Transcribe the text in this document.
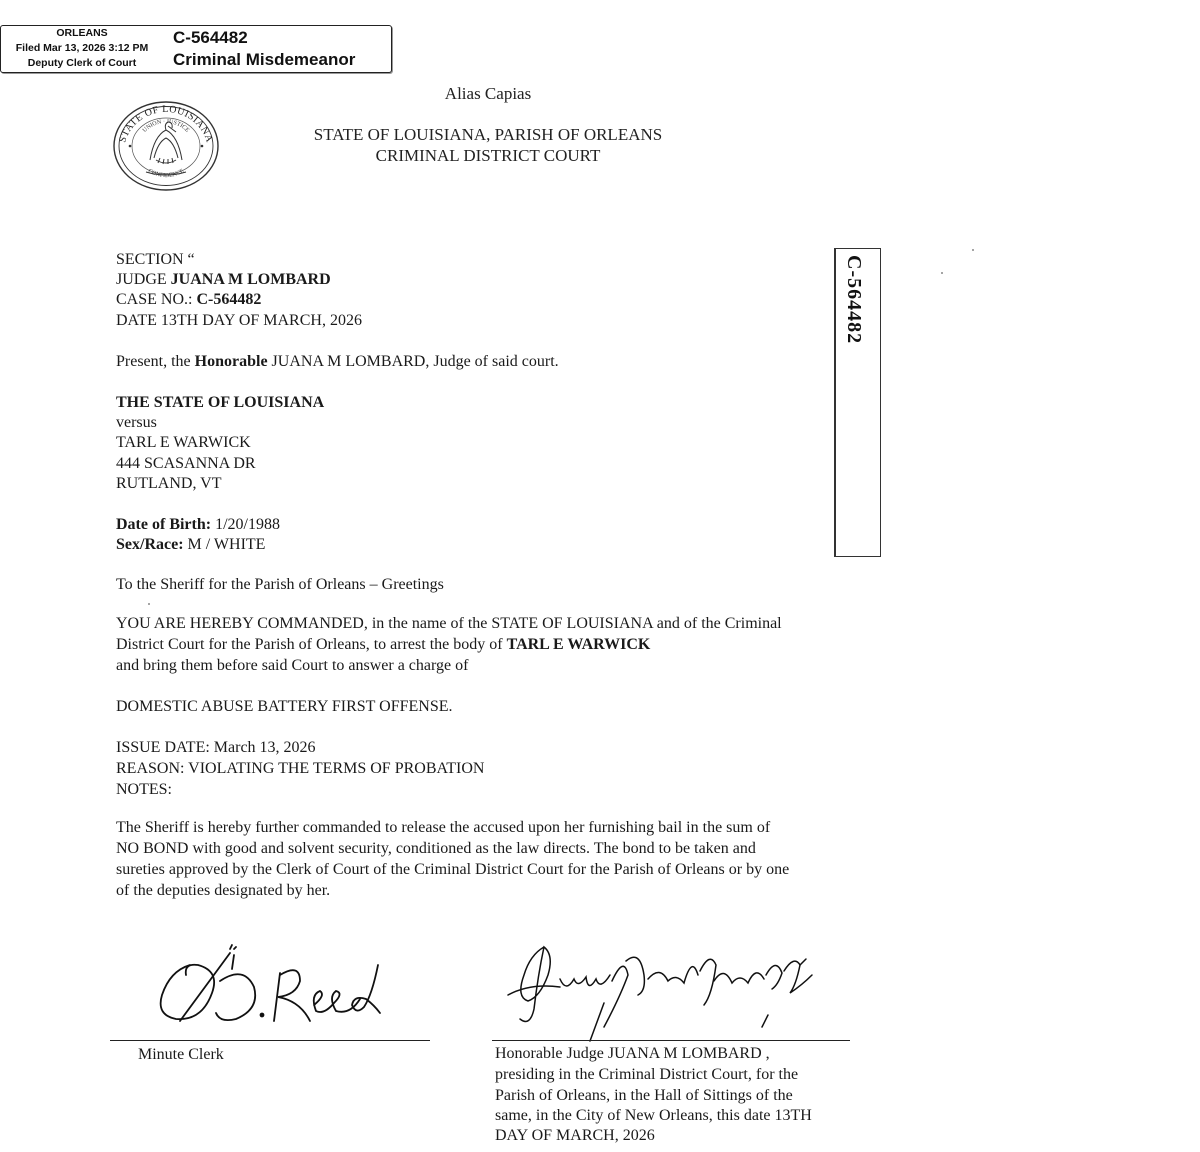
ORLEANS
Filed Mar 13, 2026 3:12 PM
Deputy Clerk of Court
C-564482
Criminal Misdemeanor
STATE OF LOUISIANA
UNION · JUSTICE
CONFIDENCE
Alias Capias
STATE OF LOUISIANA, PARISH OF ORLEANS
CRIMINAL DISTRICT COURT
C-564482
SECTION “
JUDGE JUANA M LOMBARD
CASE NO.: C-564482
DATE 13TH DAY OF MARCH, 2026
Present, the Honorable JUANA M LOMBARD, Judge of said court.
THE STATE OF LOUISIANA
versus
TARL E WARWICK
444 SCASANNA DR
RUTLAND, VT
Date of Birth: 1/20/1988
Sex/Race: M / WHITE
To the Sheriff for the Parish of Orleans – Greetings
YOU ARE HEREBY COMMANDED, in the name of the STATE OF LOUISIANA and of the Criminal
District Court for the Parish of Orleans, to arrest the body of TARL E WARWICK
and bring them before said Court to answer a charge of
DOMESTIC ABUSE BATTERY FIRST OFFENSE.
ISSUE DATE: March 13, 2026
REASON: VIOLATING THE TERMS OF PROBATION
NOTES:
The Sheriff is hereby further commanded to release the accused upon her furnishing bail in the sum of
NO BOND with good and solvent security, conditioned as the law directs. The bond to be taken and
sureties approved by the Clerk of Court of the Criminal District Court for the Parish of Orleans or by one
of the deputies designated by her.
Minute Clerk	Honorable Judge JUANA M LOMBARD ,
presiding in the Criminal District Court, for the
Parish of Orleans, in the Hall of Sittings of the
same, in the City of New Orleans, this date 13TH
DAY OF MARCH, 2026
